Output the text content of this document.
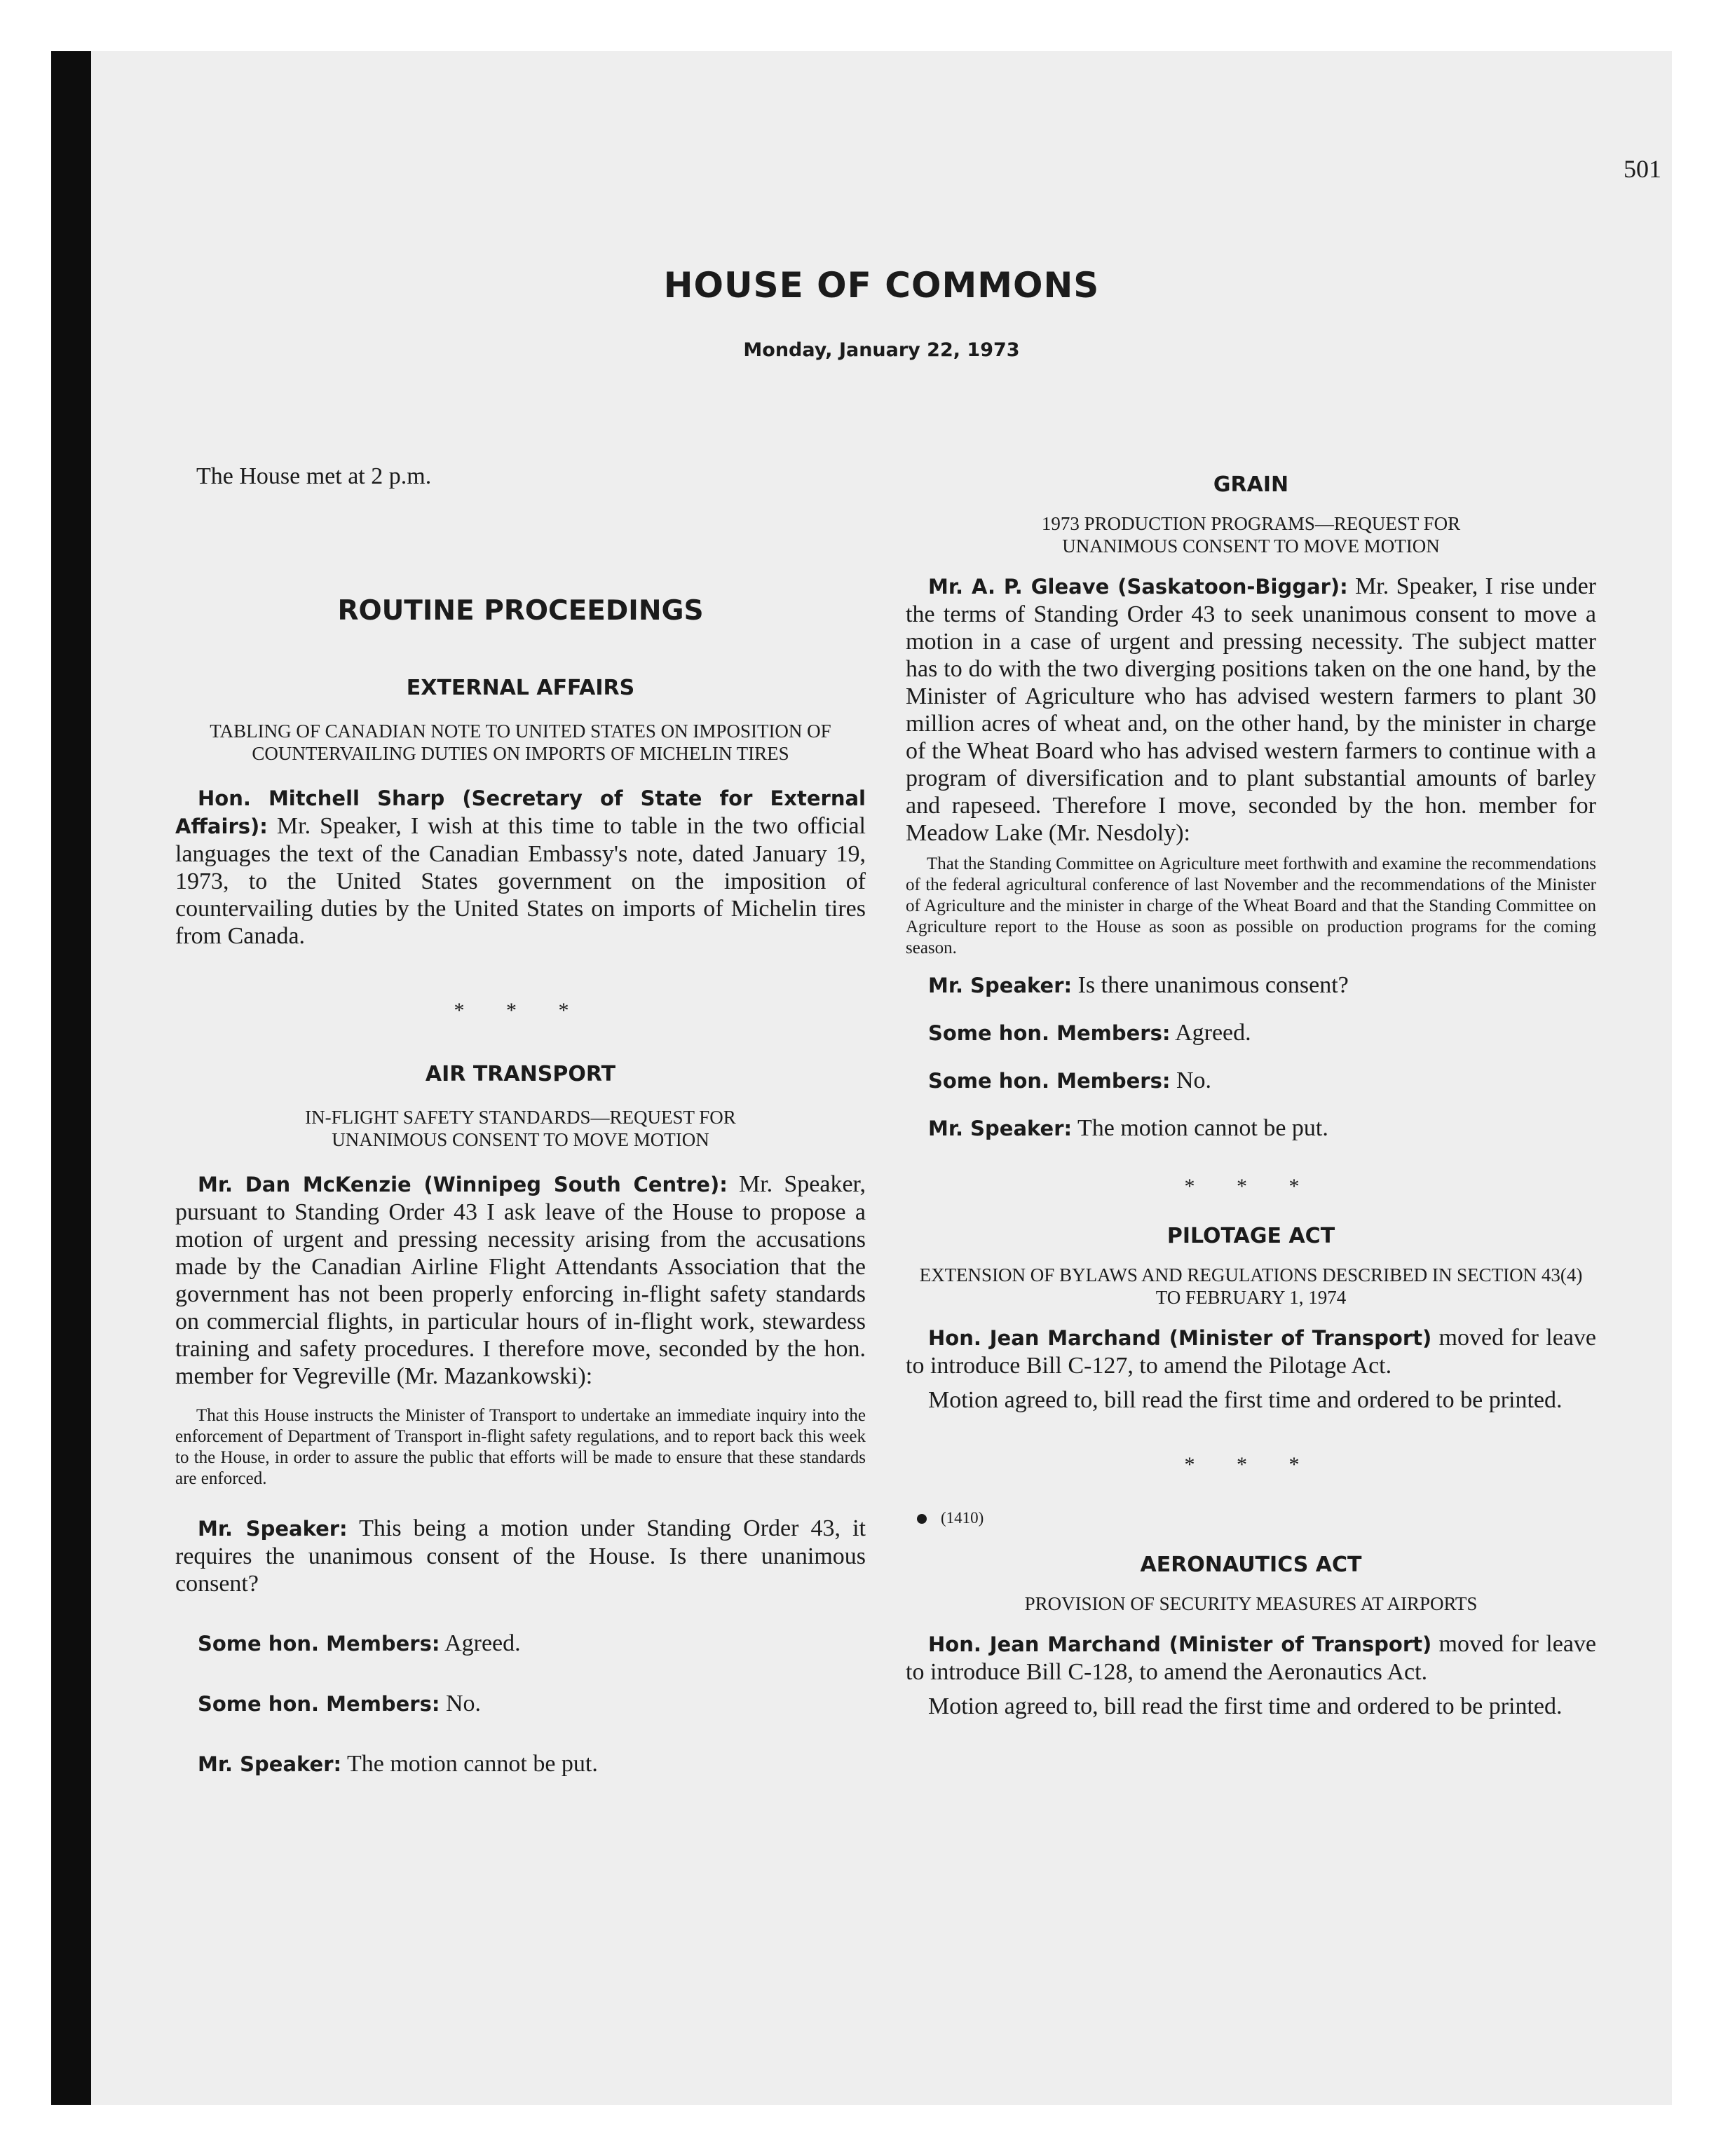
501
HOUSE OF COMMONS
Monday, January 22, 1973

The House met at 2 p.m.

ROUTINE PROCEEDINGS

EXTERNAL AFFAIRS

TABLING OF CANADIAN NOTE TO UNITED STATES ON IMPOSITION OF COUNTERVAILING DUTIES ON IMPORTS OF MICHELIN TIRES

Hon. Mitchell Sharp (Secretary of State for External Affairs): Mr. Speaker, I wish at this time to table in the two official languages the text of the Canadian Embassy's note, dated January 19, 1973, to the United States government on the imposition of countervailing duties by the United States on imports of Michelin tires from Canada.

* * *

AIR TRANSPORT

IN-FLIGHT SAFETY STANDARDS—REQUEST FOR UNANIMOUS CONSENT TO MOVE MOTION

Mr. Dan McKenzie (Winnipeg South Centre): Mr. Speaker, pursuant to Standing Order 43 I ask leave of the House to propose a motion of urgent and pressing necessity arising from the accusations made by the Canadian Airline Flight Attendants Association that the government has not been properly enforcing in-flight safety standards on commercial flights, in particular hours of in-flight work, stewardess training and safety procedures. I therefore move, seconded by the hon. member for Vegreville (Mr. Mazankowski):

That this House instructs the Minister of Transport to undertake an immediate inquiry into the enforcement of Department of Transport in-flight safety regulations, and to report back this week to the House, in order to assure the public that efforts will be made to ensure that these standards are enforced.

Mr. Speaker: This being a motion under Standing Order 43, it requires the unanimous consent of the House. Is there unanimous consent?

Some hon. Members: Agreed.

Some hon. Members: No.

Mr. Speaker: The motion cannot be put.

GRAIN

1973 PRODUCTION PROGRAMS—REQUEST FOR UNANIMOUS CONSENT TO MOVE MOTION

Mr. A. P. Gleave (Saskatoon-Biggar): Mr. Speaker, I rise under the terms of Standing Order 43 to seek unanimous consent to move a motion in a case of urgent and pressing necessity. The subject matter has to do with the two diverging positions taken on the one hand, by the Minister of Agriculture who has advised western farmers to plant 30 million acres of wheat and, on the other hand, by the minister in charge of the Wheat Board who has advised western farmers to continue with a program of diversification and to plant substantial amounts of barley and rapeseed. Therefore I move, seconded by the hon. member for Meadow Lake (Mr. Nesdoly):

That the Standing Committee on Agriculture meet forthwith and examine the recommendations of the federal agricultural conference of last November and the recommendations of the Minister of Agriculture and the minister in charge of the Wheat Board and that the Standing Committee on Agriculture report to the House as soon as possible on production programs for the coming season.

Mr. Speaker: Is there unanimous consent?

Some hon. Members: Agreed.

Some hon. Members: No.

Mr. Speaker: The motion cannot be put.

* * *

PILOTAGE ACT

EXTENSION OF BYLAWS AND REGULATIONS DESCRIBED IN SECTION 43(4) TO FEBRUARY 1, 1974

Hon. Jean Marchand (Minister of Transport) moved for leave to introduce Bill C-127, to amend the Pilotage Act.

Motion agreed to, bill read the first time and ordered to be printed.

* * *

(1410)

AERONAUTICS ACT

PROVISION OF SECURITY MEASURES AT AIRPORTS

Hon. Jean Marchand (Minister of Transport) moved for leave to introduce Bill C-128, to amend the Aeronautics Act.

Motion agreed to, bill read the first time and ordered to be printed.
